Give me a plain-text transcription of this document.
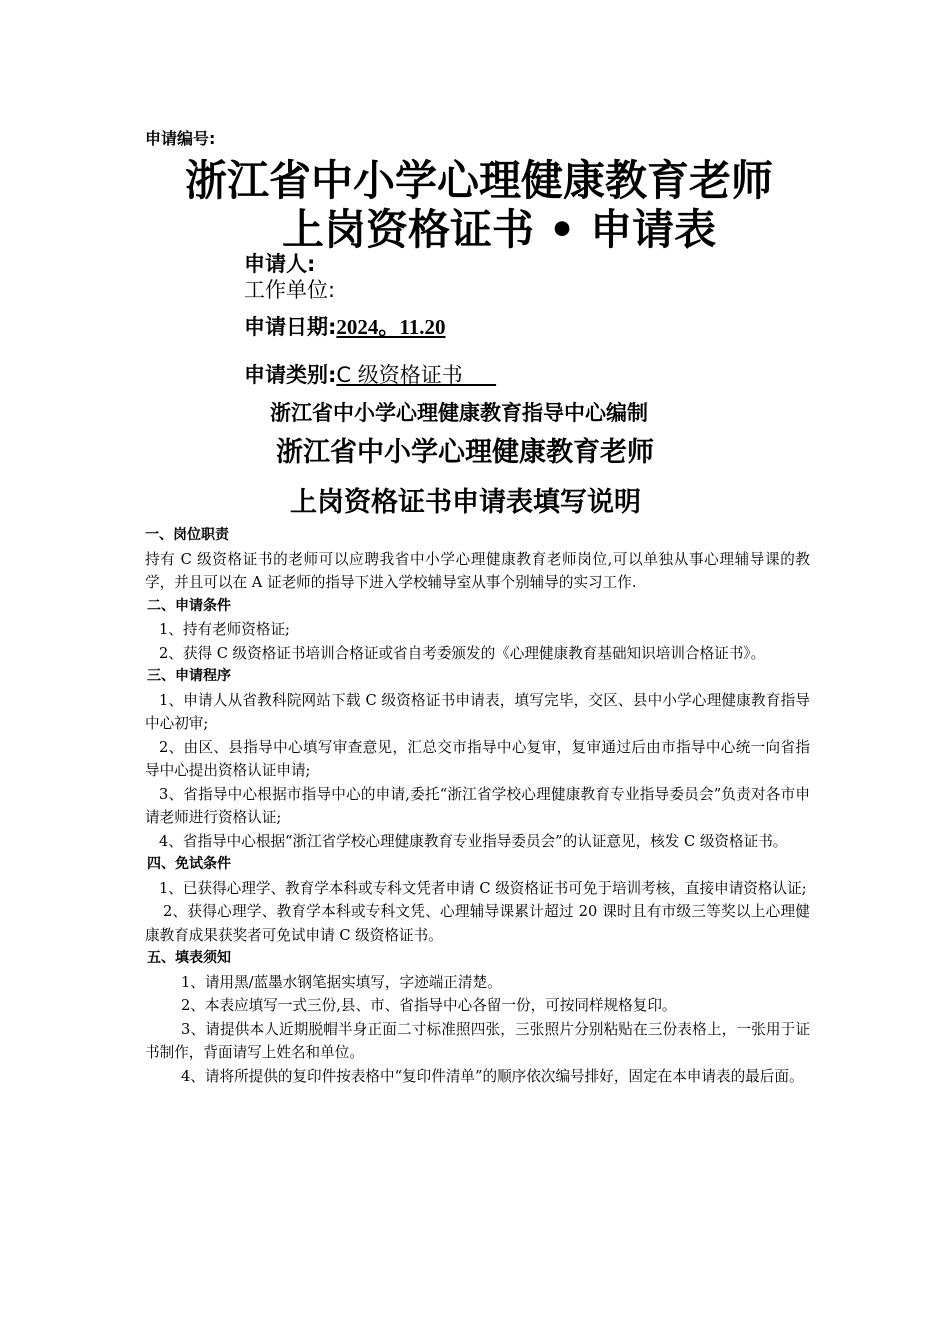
申请编号:
浙江省中小学心理健康教育老师
上岗资格证书 • 申请表
申请人:
工作单位:
申请日期:2024。11.20
申请类别:C 级资格证书
浙江省中小学心理健康教育指导中心编制
浙江省中小学心理健康教育老师
上岗资格证书申请表填写说明

一、岗位职责

持有 C 级资格证书的老师可以应聘我省中小学心理健康教育老师岗位,可以单独从事心理辅导课的教学，并且可以在 A 证老师的指导下进入学校辅导室从事个别辅导的实习工作.

二、申请条件

1、持有老师资格证;

2、获得 C 级资格证书培训合格证或省自考委颁发的《心理健康教育基础知识培训合格证书》。

三、申请程序

1、申请人从省教科院网站下载 C 级资格证书申请表，填写完毕，交区、县中小学心理健康教育指导中心初审;

2、由区、县指导中心填写审查意见，汇总交市指导中心复审，复审通过后由市指导中心统一向省指导中心提出资格认证申请;

3、省指导中心根据市指导中心的申请,委托“浙江省学校心理健康教育专业指导委员会”负责对各市申请老师进行资格认证;

4、省指导中心根据“浙江省学校心理健康教育专业指导委员会”的认证意见，核发 C 级资格证书。

四、免试条件

1、已获得心理学、教育学本科或专科文凭者申请 C 级资格证书可免于培训考核，直接申请资格认证;

2、获得心理学、教育学本科或专科文凭、心理辅导课累计超过 20 课时且有市级三等奖以上心理健康教育成果获奖者可免试申请 C 级资格证书。

五、填表须知

1、请用黑/蓝墨水钢笔据实填写，字迹端正清楚。

2、本表应填写一式三份,县、市、省指导中心各留一份，可按同样规格复印。

3、请提供本人近期脱帽半身正面二寸标准照四张，三张照片分别粘贴在三份表格上，一张用于证书制作，背面请写上姓名和单位。

4、请将所提供的复印件按表格中“复印件清单”的顺序依次编号排好，固定在本申请表的最后面。
